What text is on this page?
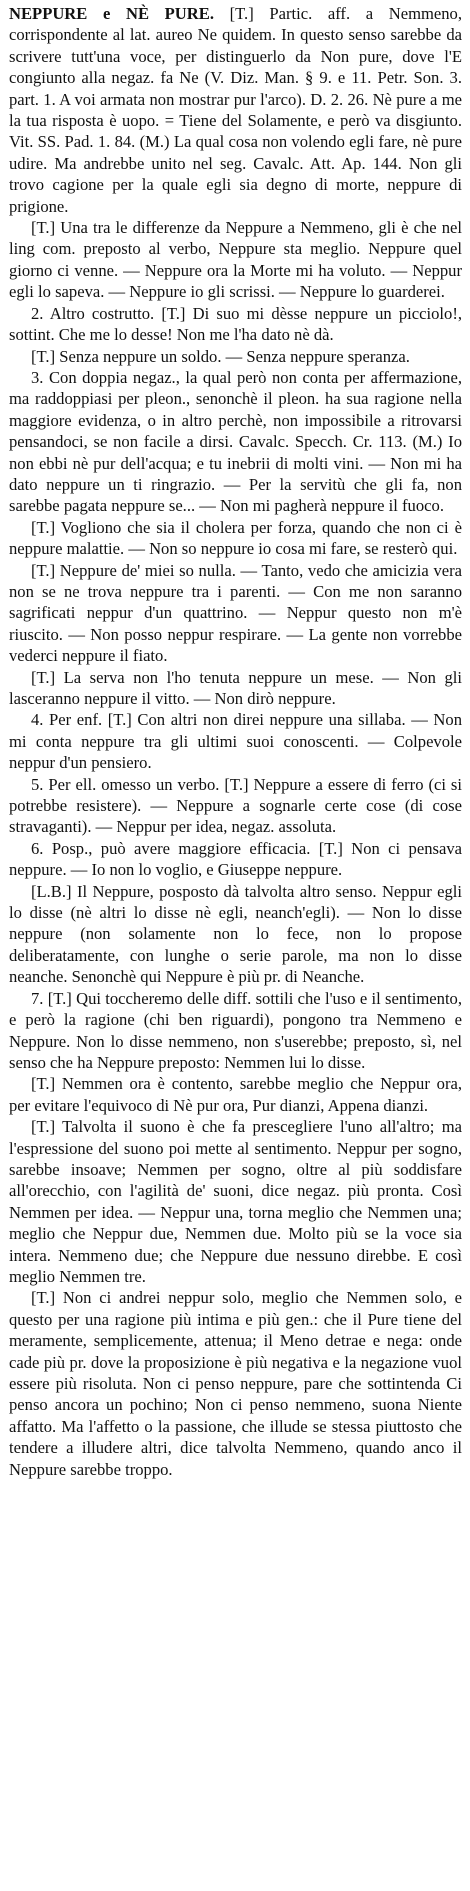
NEPPURE e NÈ PURE. [T.] Partic. aff. a Nemmeno, corrispondente al lat. aureo Ne quidem. In questo senso sarebbe da scrivere tutt'una voce, per distinguerlo da Non pure, dove l'E congiunto alla negaz. fa Ne (V. Diz. Man. § 9. e 11. Petr. Son. 3. part. 1. A voi armata non mostrar pur l'arco). D. 2. 26. Nè pure a me la tua risposta è uopo. = Tiene del Solamente, e però va disgiunto. Vit. SS. Pad. 1. 84. (M.) La qual cosa non volendo egli fare, nè pure udire. Ma andrebbe unito nel seg. Cavalc. Att. Ap. 144. Non gli trovo cagione per la quale egli sia degno di morte, neppure di prigione.

[T.] Una tra le differenze da Neppure a Nemmeno, gli è che nel ling com. preposto al verbo, Neppure sta meglio. Neppure quel giorno ci venne. — Neppure ora la Morte mi ha voluto. — Neppur egli lo sapeva. — Neppure io gli scrissi. — Neppure lo guarderei.

2. Altro costrutto. [T.] Di suo mi dèsse neppure un picciolo!, sottint. Che me lo desse! Non me l'ha dato nè dà.

[T.] Senza neppure un soldo. — Senza neppure speranza.

3. Con doppia negaz., la qual però non conta per affermazione, ma raddoppiasi per pleon., senonchè il pleon. ha sua ragione nella maggiore evidenza, o in altro perchè, non impossibile a ritrovarsi pensandoci, se non facile a dirsi. Cavalc. Specch. Cr. 113. (M.) Io non ebbi nè pur dell'acqua; e tu inebrii di molti vini. — Non mi ha dato neppure un ti ringrazio. — Per la servitù che gli fa, non sarebbe pagata neppure se... — Non mi pagherà neppure il fuoco.

[T.] Vogliono che sia il cholera per forza, quando che non ci è neppure malattie. — Non so neppure io cosa mi fare, se resterò qui.

[T.] Neppure de' miei so nulla. — Tanto, vedo che amicizia vera non se ne trova neppure tra i parenti. — Con me non saranno sagrificati neppur d'un quattrino. — Neppur questo non m'è riuscito. — Non posso neppur respirare. — La gente non vorrebbe vederci neppure il fiato.

[T.] La serva non l'ho tenuta neppure un mese. — Non gli lasceranno neppure il vitto. — Non dirò neppure.

4. Per enf. [T.] Con altri non direi neppure una sillaba. — Non mi conta neppure tra gli ultimi suoi conoscenti. — Colpevole neppur d'un pensiero.

5. Per ell. omesso un verbo. [T.] Neppure a essere di ferro (ci si potrebbe resistere). — Neppure a sognarle certe cose (di cose stravaganti). — Neppur per idea, negaz. assoluta.

6. Posp., può avere maggiore efficacia. [T.] Non ci pensava neppure. — Io non lo voglio, e Giuseppe neppure.

[L.B.] Il Neppure, posposto dà talvolta altro senso. Neppur egli lo disse (nè altri lo disse nè egli, neanch'egli). — Non lo disse neppure (non solamente non lo fece, non lo propose deliberatamente, con lunghe o serie parole, ma non lo disse neanche. Senonchè qui Neppure è più pr. di Neanche.

7. [T.] Qui toccheremo delle diff. sottili che l'uso e il sentimento, e però la ragione (chi ben riguardi), pongono tra Nemmeno e Neppure. Non lo disse nemmeno, non s'userebbe; preposto, sì, nel senso che ha Neppure preposto: Nemmen lui lo disse.

[T.] Nemmen ora è contento, sarebbe meglio che Neppur ora, per evitare l'equivoco di Nè pur ora, Pur dianzi, Appena dianzi.

[T.] Talvolta il suono è che fa prescegliere l'uno all'altro; ma l'espressione del suono poi mette al sentimento. Neppur per sogno, sarebbe insoave; Nemmen per sogno, oltre al più soddisfare all'orecchio, con l'agilità de' suoni, dice negaz. più pronta. Così Nemmen per idea. — Neppur una, torna meglio che Nemmen una; meglio che Neppur due, Nemmen due. Molto più se la voce sia intera. Nemmeno due; che Neppure due nessuno direbbe. E così meglio Nemmen tre.

[T.] Non ci andrei neppur solo, meglio che Nemmen solo, e questo per una ragione più intima e più gen.: che il Pure tiene del meramente, semplicemente, attenua; il Meno detrae e nega: onde cade più pr. dove la proposizione è più negativa e la negazione vuol essere più risoluta. Non ci penso neppure, pare che sottintenda Ci penso ancora un pochino; Non ci penso nemmeno, suona Niente affatto. Ma l'affetto o la passione, che illude se stessa piuttosto che tendere a illudere altri, dice talvolta Nemmeno, quando anco il Neppure sarebbe troppo.
